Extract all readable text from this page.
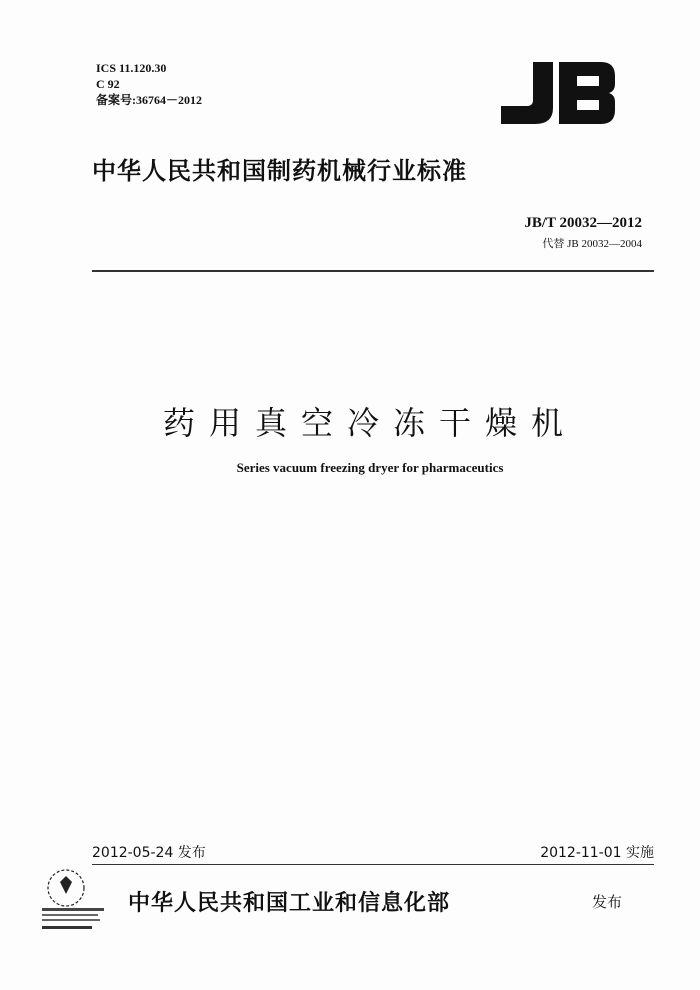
ICS 11.120.30
C 92
备案号:36764－2012
中华人民共和国制药机械行业标准
JB/T 20032—2012
代替 JB 20032—2004
药用真空冷冻干燥机
Series vacuum freezing dryer for pharmaceutics
2012-05-24 发布	2012-11-01 实施
中华人民共和国工业和信息化部	发布
